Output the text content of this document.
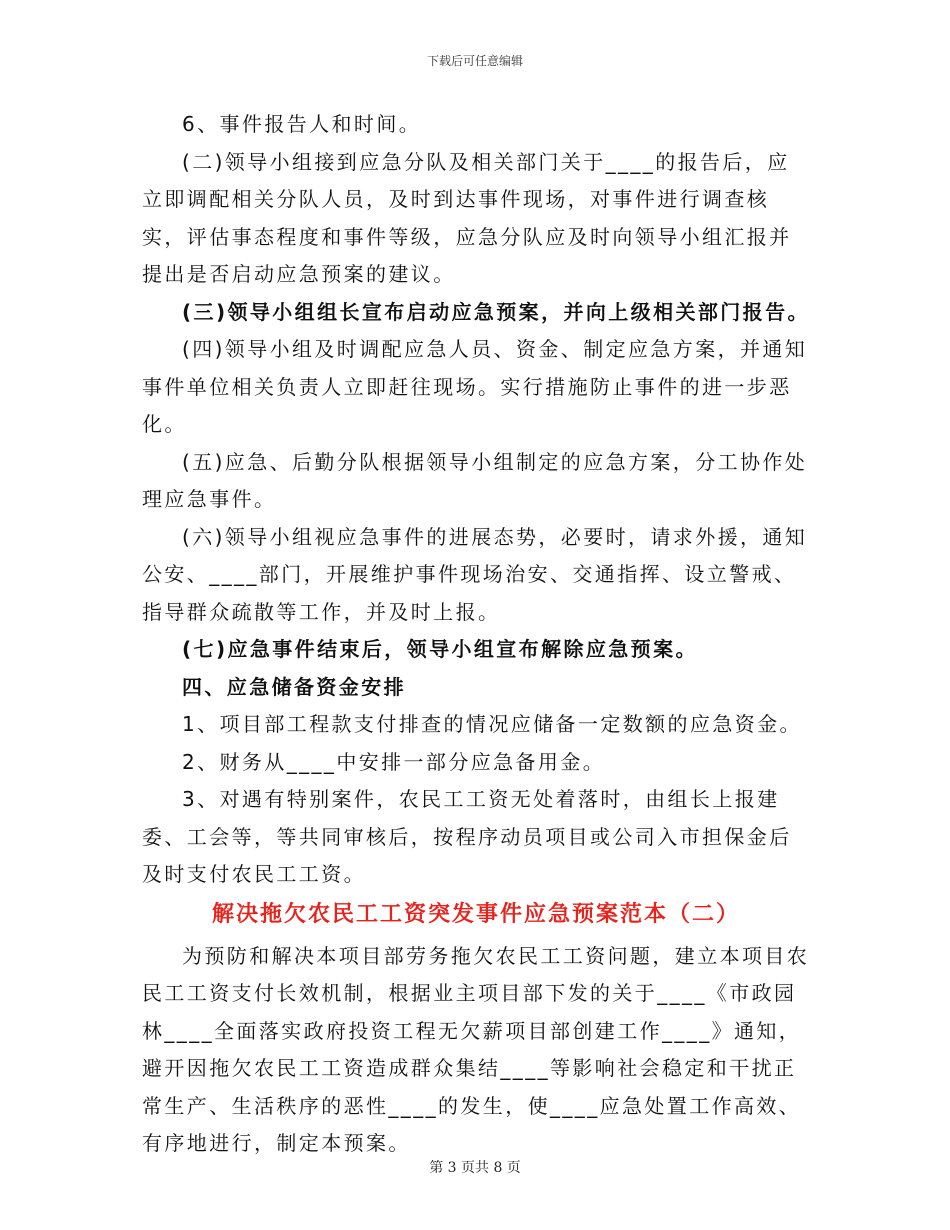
下载后可任意编辑

6、事件报告人和时间。

(二)领导小组接到应急分队及相关部门关于____的报告后，应立即调配相关分队人员，及时到达事件现场，对事件进行调查核实，评估事态程度和事件等级，应急分队应及时向领导小组汇报并提出是否启动应急预案的建议。

(三)领导小组组长宣布启动应急预案，并向上级相关部门报告。

(四)领导小组及时调配应急人员、资金、制定应急方案，并通知事件单位相关负责人立即赶往现场。实行措施防止事件的进一步恶化。

(五)应急、后勤分队根据领导小组制定的应急方案，分工协作处理应急事件。

(六)领导小组视应急事件的进展态势，必要时，请求外援，通知公安、____部门，开展维护事件现场治安、交通指挥、设立警戒、指导群众疏散等工作，并及时上报。

(七)应急事件结束后，领导小组宣布解除应急预案。

四、应急储备资金安排

1、项目部工程款支付排查的情况应储备一定数额的应急资金。

2、财务从____中安排一部分应急备用金。

3、对遇有特别案件，农民工工资无处着落时，由组长上报建委、工会等，等共同审核后，按程序动员项目或公司入市担保金后及时支付农民工工资。

解决拖欠农民工工资突发事件应急预案范本（二）

为预防和解决本项目部劳务拖欠农民工工资问题，建立本项目农民工工资支付长效机制，根据业主项目部下发的关于____《市政园林____全面落实政府投资工程无欠薪项目部创建工作____》通知，避开因拖欠农民工工资造成群众集结____等影响社会稳定和干扰正常生产、生活秩序的恶性____的发生，使____应急处置工作高效、有序地进行，制定本预案。

第 3 页共 8 页
